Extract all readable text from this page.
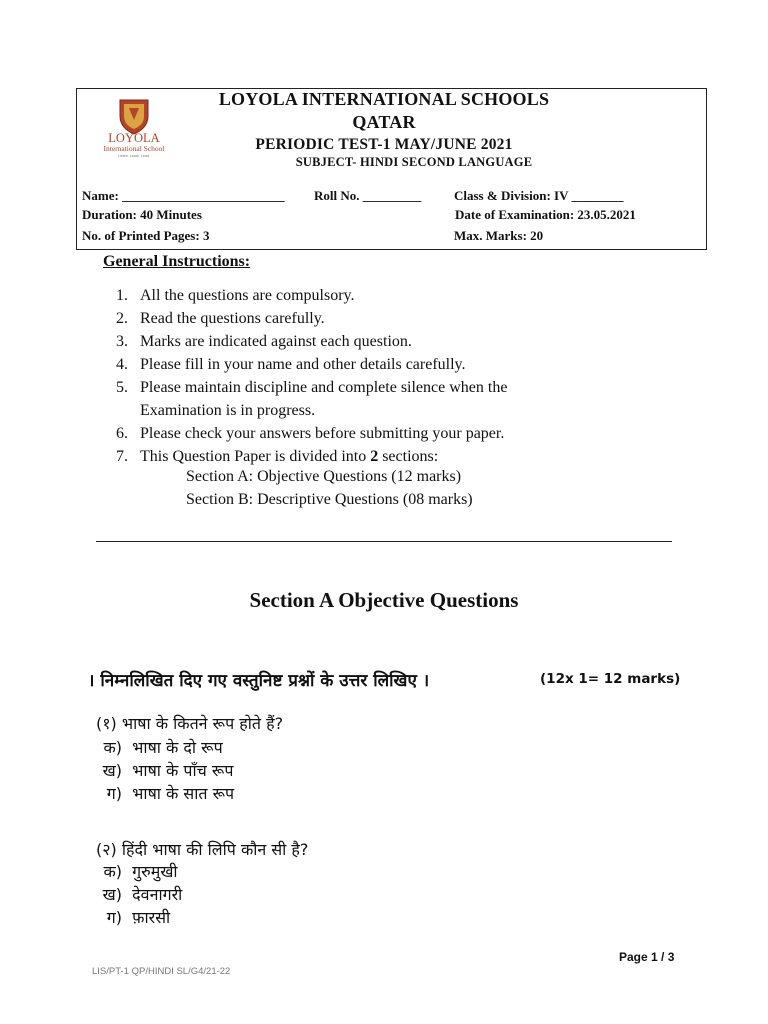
LOYOLA
International School
Listen. Learn. Lead.
LOYOLA INTERNATIONAL SCHOOLS
QATAR
PERIODIC TEST-1 MAY/JUNE 2021
SUBJECT- HINDI SECOND LANGUAGE
Name: _________________________ Roll No. _________	Class & Division: IV ________
Duration: 40 Minutes	Date of Examination: 23.05.2021
No. of Printed Pages: 3	Max. Marks: 20
General Instructions:
1. All the questions are compulsory.
2. Read the questions carefully.
3. Marks are indicated against each question.
4. Please fill in your name and other details carefully.
5. Please maintain discipline and complete silence when the
Examination is in progress.
6. Please check your answers before submitting your paper.
7. This Question Paper is divided into 2 sections:
Section A: Objective Questions (12 marks)
Section B: Descriptive Questions (08 marks)
Section A Objective Questions
। निम्नलिखित दिए गए वस्तुनिष्ट प्रश्नों के उत्तर लिखिए ।	(12x 1= 12 marks)
(१) भाषा के कितने रूप होते हैं?
क) भाषा के दो रूप
ख) भाषा के पाँच रूप
ग) भाषा के सात रूप
(२) हिंदी भाषा की लिपि कौन सी है?
क) गुरुमुखी
ख) देवनागरी
ग) फ़ारसी
Page 1 / 3
LIS/PT-1 QP/HINDI SL/G4/21-22
